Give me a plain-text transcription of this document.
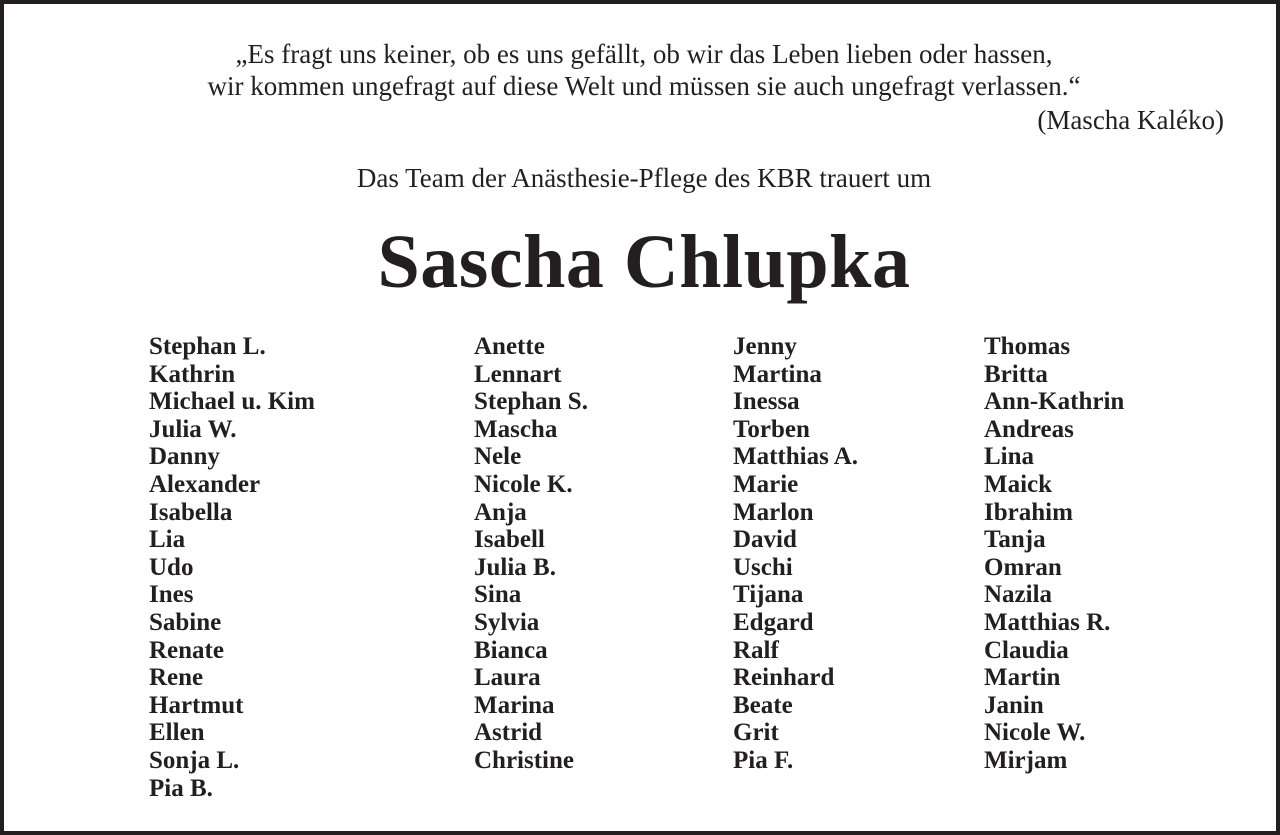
„Es fragt uns keiner, ob es uns gefällt, ob wir das Leben lieben oder hassen,
wir kommen ungefragt auf diese Welt und müssen sie auch ungefragt verlassen.“
(Mascha Kaléko)
Das Team der Anästhesie-Pflege des KBR trauert um
Sascha Chlupka
Stephan L.
Kathrin
Michael u. Kim
Julia W.
Danny
Alexander
Isabella
Lia
Udo
Ines
Sabine
Renate
Rene
Hartmut
Ellen
Sonja L.
Pia B.
Anette
Lennart
Stephan S.
Mascha
Nele
Nicole K.
Anja
Isabell
Julia B.
Sina
Sylvia
Bianca
Laura
Marina
Astrid
Christine
Jenny
Martina
Inessa
Torben
Matthias A.
Marie
Marlon
David
Uschi
Tijana
Edgard
Ralf
Reinhard
Beate
Grit
Pia F.
Thomas
Britta
Ann-Kathrin
Andreas
Lina
Maick
Ibrahim
Tanja
Omran
Nazila
Matthias R.
Claudia
Martin
Janin
Nicole W.
Mirjam
